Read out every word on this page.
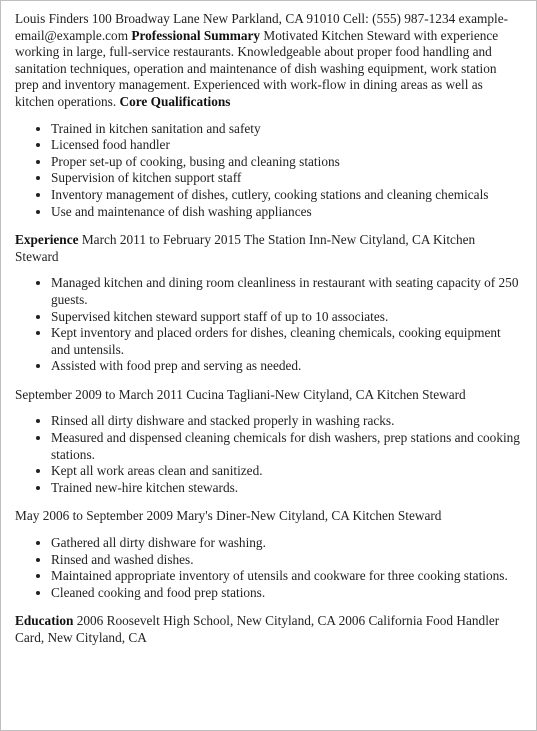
Louis Finders 100 Broadway Lane New Parkland, CA 91010 Cell: (555) 987-1234 example-email@example.com Professional Summary Motivated Kitchen Steward with experience working in large, full-service restaurants. Knowledgeable about proper food handling and sanitation techniques, operation and maintenance of dish washing equipment, work station prep and inventory management. Experienced with work-flow in dining areas as well as kitchen operations. Core Qualifications

• Trained in kitchen sanitation and safety
• Licensed food handler
• Proper set-up of cooking, busing and cleaning stations
• Supervision of kitchen support staff
• Inventory management of dishes, cutlery, cooking stations and cleaning chemicals
• Use and maintenance of dish washing appliances

Experience March 2011 to February 2015 The Station Inn-New Cityland, CA Kitchen Steward

• Managed kitchen and dining room cleanliness in restaurant with seating capacity of 250 guests.
• Supervised kitchen steward support staff of up to 10 associates.
• Kept inventory and placed orders for dishes, cleaning chemicals, cooking equipment and untensils.
• Assisted with food prep and serving as needed.

September 2009 to March 2011 Cucina Tagliani-New Cityland, CA Kitchen Steward

• Rinsed all dirty dishware and stacked properly in washing racks.
• Measured and dispensed cleaning chemicals for dish washers, prep stations and cooking stations.
• Kept all work areas clean and sanitized.
• Trained new-hire kitchen stewards.

May 2006 to September 2009 Mary's Diner-New Cityland, CA Kitchen Steward

• Gathered all dirty dishware for washing.
• Rinsed and washed dishes.
• Maintained appropriate inventory of utensils and cookware for three cooking stations.
• Cleaned cooking and food prep stations.

Education 2006 Roosevelt High School, New Cityland, CA 2006 California Food Handler Card, New Cityland, CA
